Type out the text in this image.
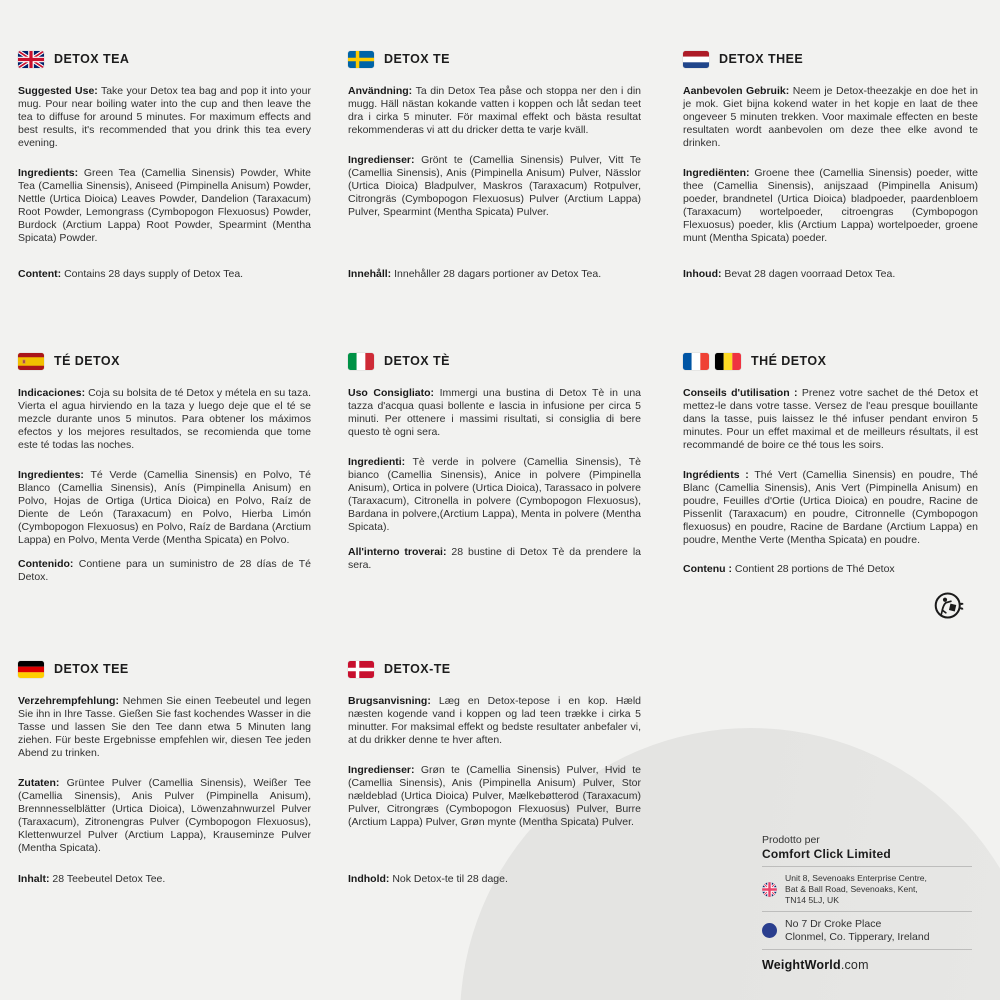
DETOX TEA

Suggested Use: Take your Detox tea bag and pop it into your mug. Pour near boiling water into the cup and then leave the tea to diffuse for around 5 minutes. For maximum effects and best results, it's recommended that you drink this tea every evening.

Ingredients: Green Tea (Camellia Sinensis) Powder, White Tea (Camellia Sinensis), Aniseed (Pimpinella Anisum) Powder, Nettle (Urtica Dioica) Leaves Powder, Dandelion (Taraxacum) Root Powder, Lemongrass (Cymbopogon Flexuosus) Powder, Burdock (Arctium Lappa) Root Powder, Spearmint (Mentha Spicata) Powder.

Content: Contains 28 days supply of Detox Tea.

DETOX TE

Användning: Ta din Detox Tea påse och stoppa ner den i din mugg. Häll nästan kokande vatten i koppen och låt sedan teet dra i cirka 5 minuter. För maximal effekt och bästa resultat rekommenderas vi att du dricker detta te varje kväll.

Ingredienser: Grönt te (Camellia Sinensis) Pulver, Vitt Te (Camellia Sinensis), Anis (Pimpinella Anisum) Pulver, Nässlor (Urtica Dioica) Bladpulver, Maskros (Taraxacum) Rotpulver, Citrongräs (Cymbopogon Flexuosus) Pulver (Arctium Lappa) Pulver, Spearmint (Mentha Spicata) Pulver.

Innehåll: Innehåller 28 dagars portioner av Detox Tea.

DETOX THEE

Aanbevolen Gebruik: Neem je Detox-theezakje en doe het in je mok. Giet bijna kokend water in het kopje en laat de thee ongeveer 5 minuten trekken. Voor maximale effecten en beste resultaten wordt aanbevolen om deze thee elke avond te drinken.

Ingrediënten: Groene thee (Camellia Sinensis) poeder, witte thee (Camellia Sinensis), anijszaad (Pimpinella Anisum) poeder, brandnetel (Urtica Dioica) bladpoeder, paardenbloem (Taraxacum) wortelpoeder, citroengras (Cymbopogon Flexuosus) poeder, klis (Arctium Lappa) wortelpoeder, groene munt (Mentha Spicata) poeder.

Inhoud: Bevat 28 dagen voorraad Detox Tea.

TÉ DETOX

Indicaciones: Coja su bolsita de té Detox y métela en su taza. Vierta el agua hirviendo en la taza y luego deje que el té se mezcle durante unos 5 minutos. Para obtener los máximos efectos y los mejores resultados, se recomienda que tome este té todas las noches.

Ingredientes: Té Verde (Camellia Sinensis) en Polvo, Té Blanco (Camellia Sinensis), Anís (Pimpinella Anisum) en Polvo, Hojas de Ortiga (Urtica Dioica) en Polvo, Raíz de Diente de León (Taraxacum) en Polvo, Hierba Limón (Cymbopogon Flexuosus) en Polvo, Raíz de Bardana (Arctium Lappa) en Polvo, Menta Verde (Mentha Spicata) en Polvo.

Contenido: Contiene para un suministro de 28 días de Té Detox.

DETOX TÈ

Uso Consigliato: Immergi una bustina di Detox Tè in una tazza d'acqua quasi bollente e lascia in infusione per circa 5 minuti. Per ottenere i massimi risultati, si consiglia di bere questo tè ogni sera.

Ingredienti: Tè verde in polvere (Camellia Sinensis), Tè bianco (Camellia Sinensis), Anice in polvere (Pimpinella Anisum), Ortica in polvere (Urtica Dioica), Tarassaco in polvere (Taraxacum), Citronella in polvere (Cymbopogon Flexuosus), Bardana in polvere,(Arctium Lappa), Menta in polvere (Mentha Spicata).

All'interno troverai: 28 bustine di Detox Tè da prendere la sera.

THÉ DETOX

Conseils d'utilisation : Prenez votre sachet de thé Detox et mettez-le dans votre tasse. Versez de l'eau presque bouillante dans la tasse, puis laissez le thé infuser pendant environ 5 minutes. Pour un effet maximal et de meilleurs résultats, il est recommandé de boire ce thé tous les soirs.

Ingrédients : Thé Vert (Camellia Sinensis) en poudre, Thé Blanc (Camellia Sinensis), Anis Vert (Pimpinella Anisum) en poudre, Feuilles d'Ortie (Urtica Dioica) en poudre, Racine de Pissenlit (Taraxacum) en poudre, Citronnelle (Cymbopogon flexuosus) en poudre, Racine de Bardane (Arctium Lappa) en poudre, Menthe Verte (Mentha Spicata) en poudre.

Contenu : Contient 28 portions de Thé Detox

DETOX TEE

Verzehrempfehlung: Nehmen Sie einen Teebeutel und legen Sie ihn in Ihre Tasse. Gießen Sie fast kochendes Wasser in die Tasse und lassen Sie den Tee dann etwa 5 Minuten lang ziehen. Für beste Ergebnisse empfehlen wir, diesen Tee jeden Abend zu trinken.

Zutaten: Grüntee Pulver (Camellia Sinensis), Weißer Tee (Camellia Sinensis), Anis Pulver (Pimpinella Anisum), Brennnesselblätter (Urtica Dioica), Löwenzahnwurzel Pulver (Taraxacum), Zitronengras Pulver (Cymbopogon Flexuosus), Klettenwurzel Pulver (Arctium Lappa), Krauseminze Pulver (Mentha Spicata).

Inhalt: 28 Teebeutel Detox Tee.

DETOX-TE

Brugsanvisning: Læg en Detox-tepose i en kop. Hæld næsten kogende vand i koppen og lad teen trække i cirka 5 minutter. For maksimal effekt og bedste resultater anbefaler vi, at du drikker denne te hver aften.

Ingredienser: Grøn te (Camellia Sinensis) Pulver, Hvid te (Camellia Sinensis), Anis (Pimpinella Anisum) Pulver, Stor nældeblad (Urtica Dioica) Pulver, Mælkebøtterod (Taraxacum) Pulver, Citrongræs (Cymbopogon Flexuosus) Pulver, Burre (Arctium Lappa) Pulver, Grøn mynte (Mentha Spicata) Pulver.

Indhold: Nok Detox-te til 28 dage.

Prodotto per
Comfort Click Limited
Unit 8, Sevenoaks Enterprise Centre,
Bat & Ball Road, Sevenoaks, Kent,
TN14 5LJ, UK
No 7 Dr Croke Place
Clonmel, Co. Tipperary, Ireland
WeightWorld.com
